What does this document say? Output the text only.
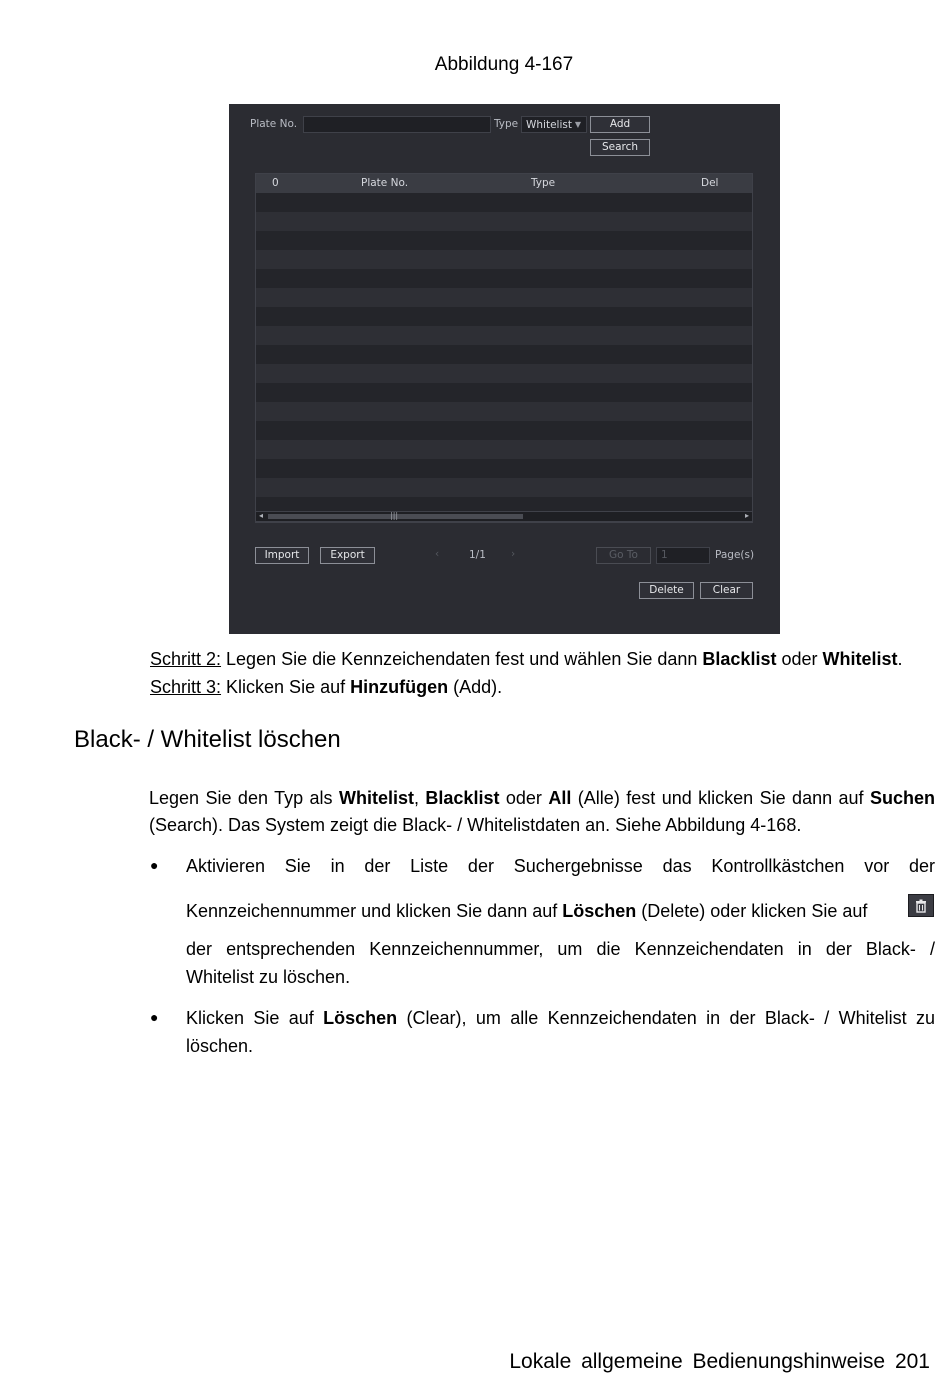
Abbildung 4-167
Plate No.	Type Whitelist ▼	Add
Search
0	Plate No.	Type	Del
◂	|||	▸
Import	Export	‹	1/1 ›	Go To	1	Page(s)
Delete	Clear
Schritt 2: Legen Sie die Kennzeichendaten fest und wählen Sie dann Blacklist oder Whitelist.
Schritt 3: Klicken Sie auf Hinzufügen (Add).
Black- / Whitelist löschen
Legen Sie den Typ als Whitelist, Blacklist oder All (Alle) fest und klicken Sie dann auf Suchen
(Search). Das System zeigt die Black- / Whitelistdaten an. Siehe Abbildung 4-168.
● Aktivieren Sie in der Liste der Suchergebnisse das Kontrollkästchen vor der
Kennzeichennummer und klicken Sie dann auf Löschen (Delete) oder klicken Sie auf
der entsprechenden Kennzeichennummer, um die Kennzeichendaten in der Black- /
Whitelist zu löschen.
● Klicken Sie auf Löschen (Clear), um alle Kennzeichendaten in der Black- / Whitelist zu
löschen.
Lokale allgemeine Bedienungshinweise 201
